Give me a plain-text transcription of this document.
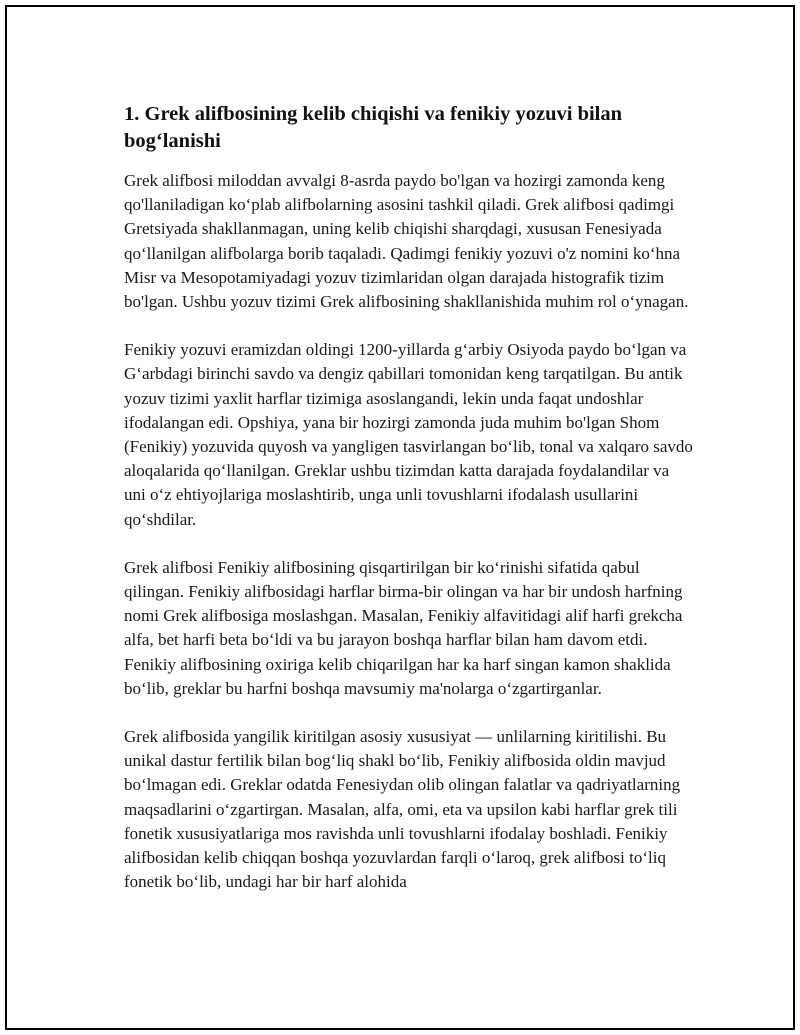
1. Grek alifbosining kelib chiqishi va fenikiy yozuvi bilan bog‘lanishi

Grek alifbosi miloddan avvalgi 8-asrda paydo bo'lgan va hozirgi zamonda keng qo'llaniladigan ko‘plab alifbolarning asosini tashkil qiladi. Grek alifbosi qadimgi Gretsiyada shakllanmagan, uning kelib chiqishi sharqdagi, xususan Fenesiyada qo‘llanilgan alifbolarga borib taqaladi. Qadimgi fenikiy yozuvi o'z nomini ko‘hna Misr va Mesopotamiyadagi yozuv tizimlaridan olgan darajada histografik tizim bo'lgan. Ushbu yozuv tizimi Grek alifbosining shakllanishida muhim rol o‘ynagan.

Fenikiy yozuvi eramizdan oldingi 1200-yillarda g‘arbiy Osiyoda paydo bo‘lgan va G‘arbdagi birinchi savdo va dengiz qabillari tomonidan keng tarqatilgan. Bu antik yozuv tizimi yaxlit harflar tizimiga asoslangandi, lekin unda faqat undoshlar ifodalangan edi. Opshiya, yana bir hozirgi zamonda juda muhim bo'lgan Shom (Fenikiy) yozuvida quyosh va yangligen tasvirlangan bo‘lib, tonal va xalqaro savdo aloqalarida qo‘llanilgan. Greklar ushbu tizimdan katta darajada foydalandilar va uni o‘z ehtiyojlariga moslashtirib, unga unli tovushlarni ifodalash usullarini qo‘shdilar.

Grek alifbosi Fenikiy alifbosining qisqartirilgan bir ko‘rinishi sifatida qabul qilingan. Fenikiy alifbosidagi harflar birma-bir olingan va har bir undosh harfning nomi Grek alifbosiga moslashgan. Masalan, Fenikiy alfavitidagi alif harfi grekcha alfa, bet harfi beta bo‘ldi va bu jarayon boshqa harflar bilan ham davom etdi. Fenikiy alifbosining oxiriga kelib chiqarilgan har ka harf singan kamon shaklida bo‘lib, greklar bu harfni boshqa mavsumiy ma'nolarga o‘zgartirganlar.

Grek alifbosida yangilik kiritilgan asosiy xususiyat — unlilarning kiritilishi. Bu unikal dastur fertilik bilan bog‘liq shakl bo‘lib, Fenikiy alifbosida oldin mavjud bo‘lmagan edi. Greklar odatda Fenesiydan olib olingan falatlar va qadriyatlarning maqsadlarini o‘zgartirgan. Masalan, alfa, omi, eta va upsilon kabi harflar grek tili fonetik xususiyatlariga mos ravishda unli tovushlarni ifodalay boshladi. Fenikiy alifbosidan kelib chiqqan boshqa yozuvlardan farqli o‘laroq, grek alifbosi to‘liq fonetik bo‘lib, undagi har bir harf alohida
